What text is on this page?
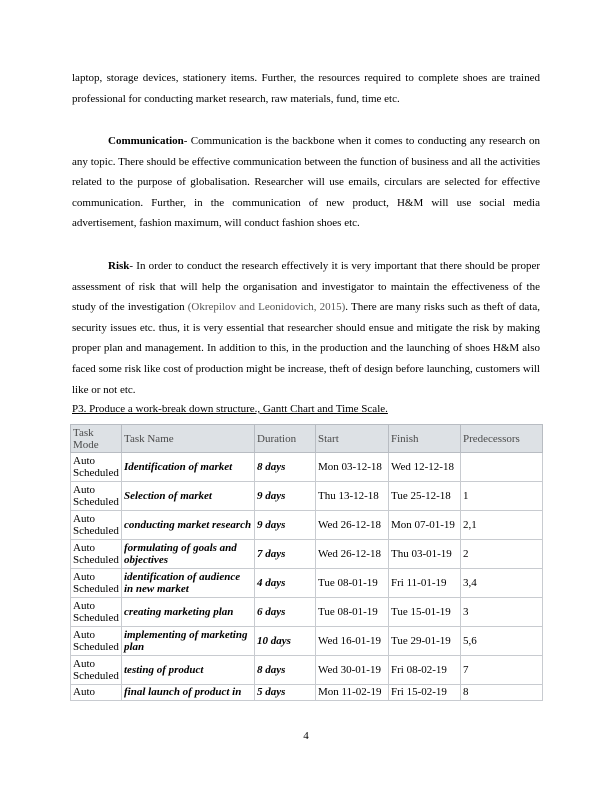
laptop, storage devices, stationery items. Further, the resources required to complete shoes are trained professional for conducting market research, raw materials, fund, time etc.

Communication- Communication is the backbone when it comes to conducting any research on any topic. There should be effective communication between the function of business and all the activities related to the purpose of globalisation. Researcher will use emails, circulars are selected for effective communication. Further, in the communication of new product, H&M will use social media advertisement, fashion maximum, will conduct fashion shoes etc.

Risk- In order to conduct the research effectively it is very important that there should be proper assessment of risk that will help the organisation and investigator to maintain the effectiveness of the study of the investigation (Okrepilov and Leonidovich, 2015). There are many risks such as theft of data, security issues etc. thus, it is very essential that researcher should ensue and mitigate the risk by making proper plan and management. In addition to this, in the production and the launching of shoes H&M also faced some risk like cost of production might be increase, theft of design before launching, customers will like or not etc.

P3. Produce a work-break down structure., Gantt Chart and Time Scale.

Task Mode	Task Name	Duration	Start	Finish	Predecessors
Auto Scheduled	Identification of market	8 days	Mon 03-12-18	Wed 12-12-18	
Auto Scheduled	Selection of market	9 days	Thu 13-12-18	Tue 25-12-18	1
Auto Scheduled	conducting market research	9 days	Wed 26-12-18	Mon 07-01-19	2,1
Auto Scheduled	formulating of goals and objectives	7 days	Wed 26-12-18	Thu 03-01-19	2
Auto Scheduled	identification of audience in new market	4 days	Tue 08-01-19	Fri 11-01-19	3,4
Auto Scheduled	creating marketing plan	6 days	Tue 08-01-19	Tue 15-01-19	3
Auto Scheduled	implementing of marketing plan	10 days	Wed 16-01-19	Tue 29-01-19	5,6
Auto Scheduled	testing of product	8 days	Wed 30-01-19	Fri 08-02-19	7
Auto	final launch of product in	5 days	Mon 11-02-19	Fri 15-02-19	8
4
